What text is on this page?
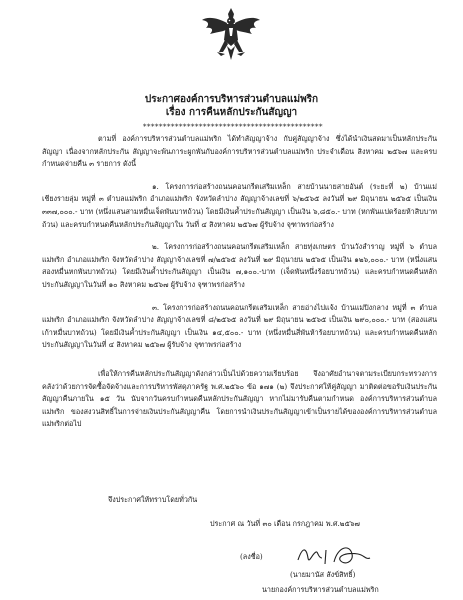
ประกาศองค์การบริหารส่วนตำบลแม่พริก
เรื่อง การคืนหลักประกันสัญญา
*********************************************

ตามที่ องค์การบริหารส่วนตำบลแม่พริก ได้ทำสัญญาจ้าง กับคู่สัญญาจ้าง ซึ่งได้นำเงินสดมาเป็นหลักประกันสัญญา เนื่องจากหลักประกัน สัญญาจะพ้นภาระผูกพันกับองค์การบริหารส่วนตำบลแม่พริก ประจำเดือน สิงหาคม ๒๕๖๗ และครบกำหนดจ่ายคืน ๓ รายการ ดังนี้

๑. โครงการก่อสร้างถนนคอนกรีตเสริมเหล็ก สายบ้านนายสายอันต์ (ระยะที่ ๒) บ้านแม่เชียงรายลุ่ม หมู่ที่ ๓ ตำบลแม่พริก อำเภอแม่พริก จังหวัดลำปาง สัญญาจ้างเลขที่ ๖/๒๕๖๕ ลงวันที่ ๒๙ มิถุนายน ๒๕๖๕ เป็นเงิน ๓๓๗,๐๐๐.- บาท (หนึ่งแสนสามหมื่นเจ็ดพันบาทถ้วน) โดยมีเงินค้ำประกันสัญญา เป็นเงิน ๖,๘๕๐.- บาท (หกพันแปดร้อยห้าสิบบาทถ้วน) และครบกำหนดคืนหลักประกันสัญญาใน วันที่ ๔ สิงหาคม ๒๕๖๗ ผู้รับจ้าง จุฑาพรก่อสร้าง

๒. โครงการก่อสร้างถนนคอนกรีตเสริมเหล็ก สายทุ่งเกษตร บ้านวังสำราญ หมู่ที่ ๖ ตำบลแม่พริก อำเภอแม่พริก จังหวัดลำปาง สัญญาจ้างเลขที่ ๗/๒๕๖๕ ลงวันที่ ๒๙ มิถุนายน ๒๕๖๕ เป็นเงิน ๑๒๖,๐๐๐.- บาท (หนึ่งแสนสองหมื่นหกพันบาทถ้วน) โดยมีเงินค้ำประกันสัญญา เป็นเงิน ๗,๑๐๐.-บาท (เจ็ดพันหนึ่งร้อยบาทถ้วน) และครบกำหนดคืนหลักประกันสัญญาในวันที่ ๑๐ สิงหาคม ๒๕๖๗ ผู้รับจ้าง จุฑาพรก่อสร้าง

๓. โครงการก่อสร้างถนนคอนกรีตเสริมเหล็ก สายอ่างไปแจ้ง บ้านแม่ปิงกลาง หมู่ที่ ๓ ตำบลแม่พริก อำเภอแม่พริก จังหวัดลำปาง สัญญาจ้างเลขที่ ๘/๒๕๖๕ ลงวันที่ ๒๙ มิถุนายน ๒๕๖๕ เป็นเงิน ๒๙๐,๐๐๐.- บาท (สองแสนเก้าหมื่นบาทถ้วน) โดยมีเงินค้ำประกันสัญญา เป็นเงิน ๑๔,๕๐๐.- บาท (หนึ่งหมื่นสี่พันห้าร้อยบาทถ้วน) และครบกำหนดคืนหลักประกันสัญญาในวันที่ ๔ สิงหาคม ๒๕๖๗ ผู้รับจ้าง จุฑาพรก่อสร้าง

เพื่อให้การคืนหลักประกันสัญญาดังกล่าวเป็นไปด้วยความเรียบร้อย จึงอาศัยอำนาจตามระเบียบกระทรวงการคลังว่าด้วยการจัดซื้อจัดจ้างและการบริหารพัสดุภาครัฐ พ.ศ.๒๕๖๐ ข้อ ๑๗๑ (๒) จึงประกาศให้คู่สัญญา มาติดต่อขอรับเงินประกันสัญญาคืนภายใน ๑๕ วัน นับจากวันครบกำหนดคืนหลักประกันสัญญา หากไม่มารับคืนตามกำหนด องค์การบริหารส่วนตำบลแม่พริก ของสงวนสิทธิ์ในการจ่ายเงินประกันสัญญาคืน โดยการนำเงินประกันสัญญาเข้าเป็นรายได้ขององค์การบริหารส่วนตำบลแม่พริกต่อไป

จึงประกาศให้ทราบโดยทั่วกัน
ประกาศ ณ วันที่ ๓๐ เดือน กรกฎาคม พ.ศ.๒๕๖๗
(ลงชื่อ)
(นายมานัส สังข์สิทธิ์)
นายกองค์การบริหารส่วนตำบลแม่พริก
